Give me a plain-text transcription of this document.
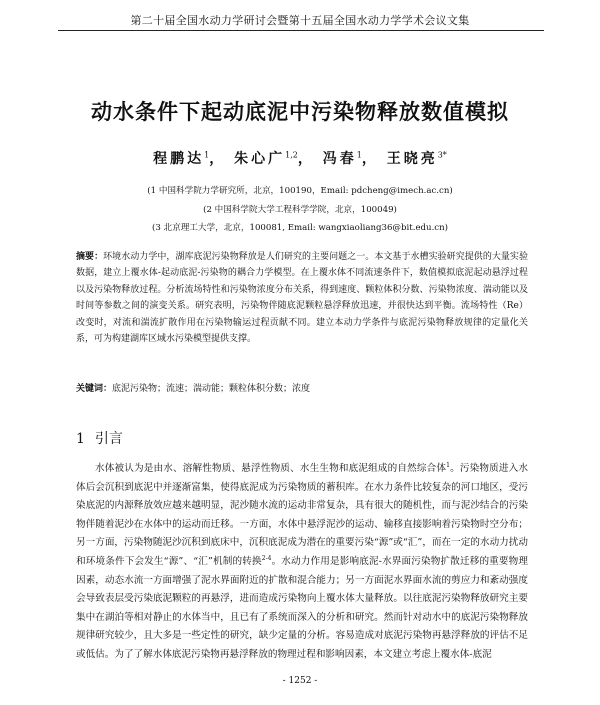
第二十届全国水动力学研讨会暨第十五届全国水动力学学术会议文集
动水条件下起动底泥中污染物释放数值模拟
程鹏达$^1$， 朱心广$^{1,2}$， 冯春$^1$， 王晓亮$^{3*}$
(1 中国科学院力学研究所，北京，100190，Email: pdcheng@imech.ac.cn)
(2 中国科学院大学工程科学学院，北京，100049)
(3 北京理工大学，北京，100081, Email: wangxiaoliang36@bit.edu.cn)
摘要：环境水动力学中，湖库底泥污染物释放是人们研究的主要问题之一。本文基于水槽实验研究提供的大量实验数据，建立上覆水体-起动底泥-污染物的耦合力学模型。在上覆水体不同流速条件下，数值模拟底泥起动悬浮过程以及污染物释放过程。分析流场特性和污染物浓度分布关系，得到速度、颗粒体积分数、污染物浓度、湍动能以及时间等参数之间的演变关系。研究表明，污染物伴随底泥颗粒悬浮释放迅速，并很快达到平衡。流场特性（Re）改变时，对流和湍流扩散作用在污染物输运过程贡献不同。建立本动力学条件与底泥污染物释放规律的定量化关系，可为构建湖库区域水污染模型提供支撑。
关键词：底泥污染物；流速；湍动能；颗粒体积分数；浓度
1 引言
水体被认为是由水、溶解性物质、悬浮性物质、水生生物和底泥组成的自然综合体$^1$。污染物质进入水体后会沉积到底泥中并逐渐富集，使得底泥成为污染物质的蓄积库。在水力条件比较复杂的河口地区，受污染底泥的内源释放效应越来越明显，泥沙随水流的运动非常复杂，具有很大的随机性，而与泥沙结合的污染物伴随着泥沙在水体中的运动而迁移。一方面，水体中悬浮泥沙的运动、输移直接影响着污染物时空分布；另一方面，污染物随泥沙沉积到底床中，沉积底泥成为潜在的重要污染“源”或“汇”，而在一定的水动力扰动和环境条件下会发生“源”、“汇”机制的转换$^{2-4}$。水动力作用是影响底泥-水界面污染物扩散迁移的重要物理因素，动态水流一方面增强了泥水界面附近的扩散和混合能力；另一方面泥水界面水流的剪应力和紊动强度会导致表层受污染底泥颗粒的再悬浮，进而造成污染物向上覆水体大量释放。以往底泥污染物释放研究主要集中在湖泊等相对静止的水体当中，且已有了系统而深入的分析和研究。然而针对动水中的底泥污染物释放规律研究较少，且大多是一些定性的研究，缺少定量的分析。容易造成对底泥污染物再悬浮释放的评估不足或低估。为了了解水体底泥污染物再悬浮释放的物理过程和影响因素，本文建立考虑上覆水体-底泥
- 1252 -
